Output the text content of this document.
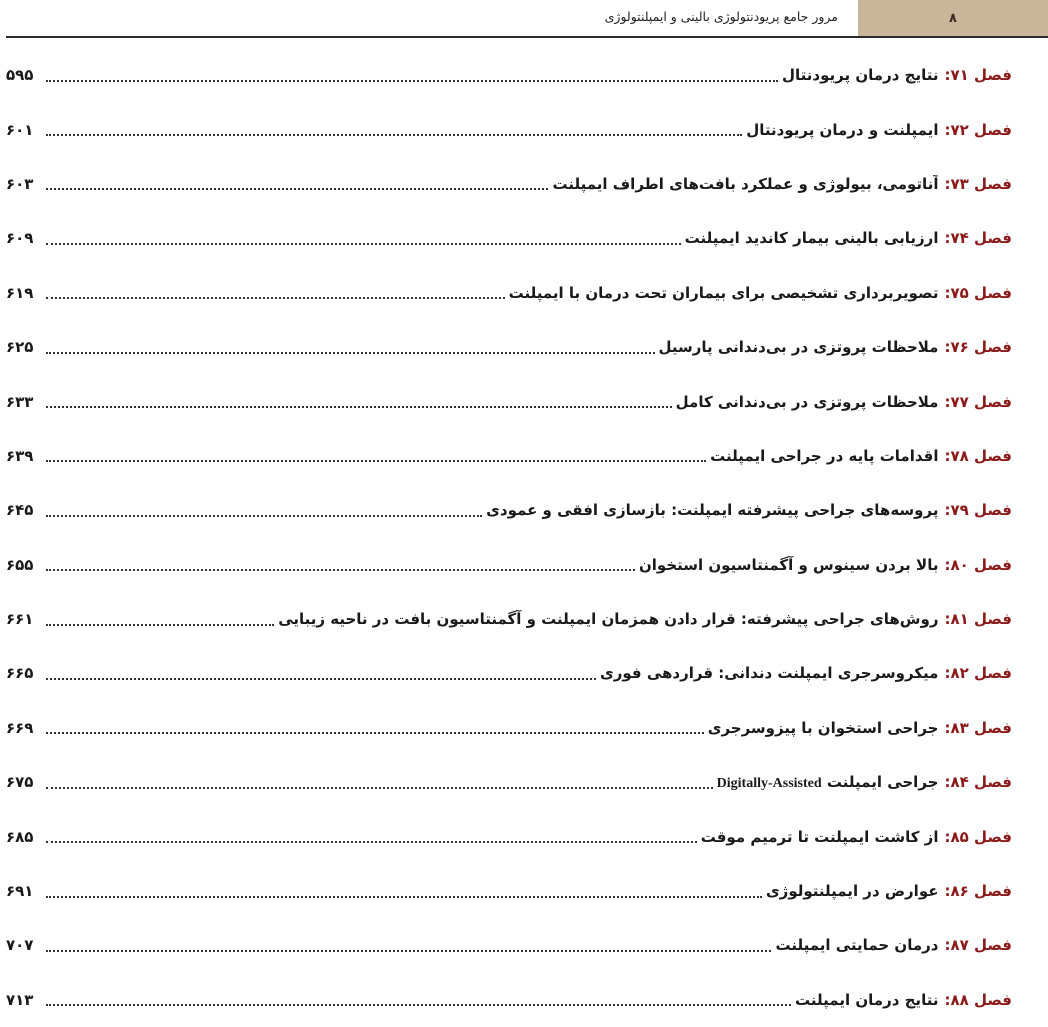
۸
مرور جامع پریودنتولوژی بالینی و ایمپلنتولوژی
فصل ۷۱:
نتایج درمان پریودنتال
۵۹۵
فصل ۷۲:
ایمپلنت و درمان پریودنتال
۶۰۱
فصل ۷۳:
آناتومی، بیولوژی و عملکرد بافت‌های اطراف ایمپلنت
۶۰۳
فصل ۷۴:
ارزیابی بالینی بیمار کاندید ایمپلنت
۶۰۹
فصل ۷۵:
تصویربرداری تشخیصی برای بیماران تحت درمان با ایمپلنت
۶۱۹
فصل ۷۶:
ملاحظات پروتزی در بی‌دندانی پارسیل
۶۲۵
فصل ۷۷:
ملاحظات پروتزی در بی‌دندانی کامل
۶۳۳
فصل ۷۸:
اقدامات پایه در جراحی ایمپلنت
۶۳۹
فصل ۷۹:
پروسه‌های جراحی پیشرفته ایمپلنت: بازسازی افقی و عمودی
۶۴۵
فصل ۸۰:
بالا بردن سینوس و آگمنتاسیون استخوان
۶۵۵
فصل ۸۱:
روش‌های جراحی پیشرفته: قرار دادن همزمان ایمپلنت و آگمنتاسیون بافت در ناحیه زیبایی
۶۶۱
فصل ۸۲:
میکروسرجری ایمپلنت دندانی: قراردهی فوری
۶۶۵
فصل ۸۳:
جراحی استخوان با پیزوسرجری
۶۶۹
فصل ۸۴:
جراحی ایمپلنت Digitally-Assisted
۶۷۵
فصل ۸۵:
از کاشت ایمپلنت تا ترمیم موقت
۶۸۵
فصل ۸۶:
عوارض در ایمپلنتولوژی
۶۹۱
فصل ۸۷:
درمان حمایتی ایمپلنت
۷۰۷
فصل ۸۸:
نتایج درمان ایمپلنت
۷۱۳
